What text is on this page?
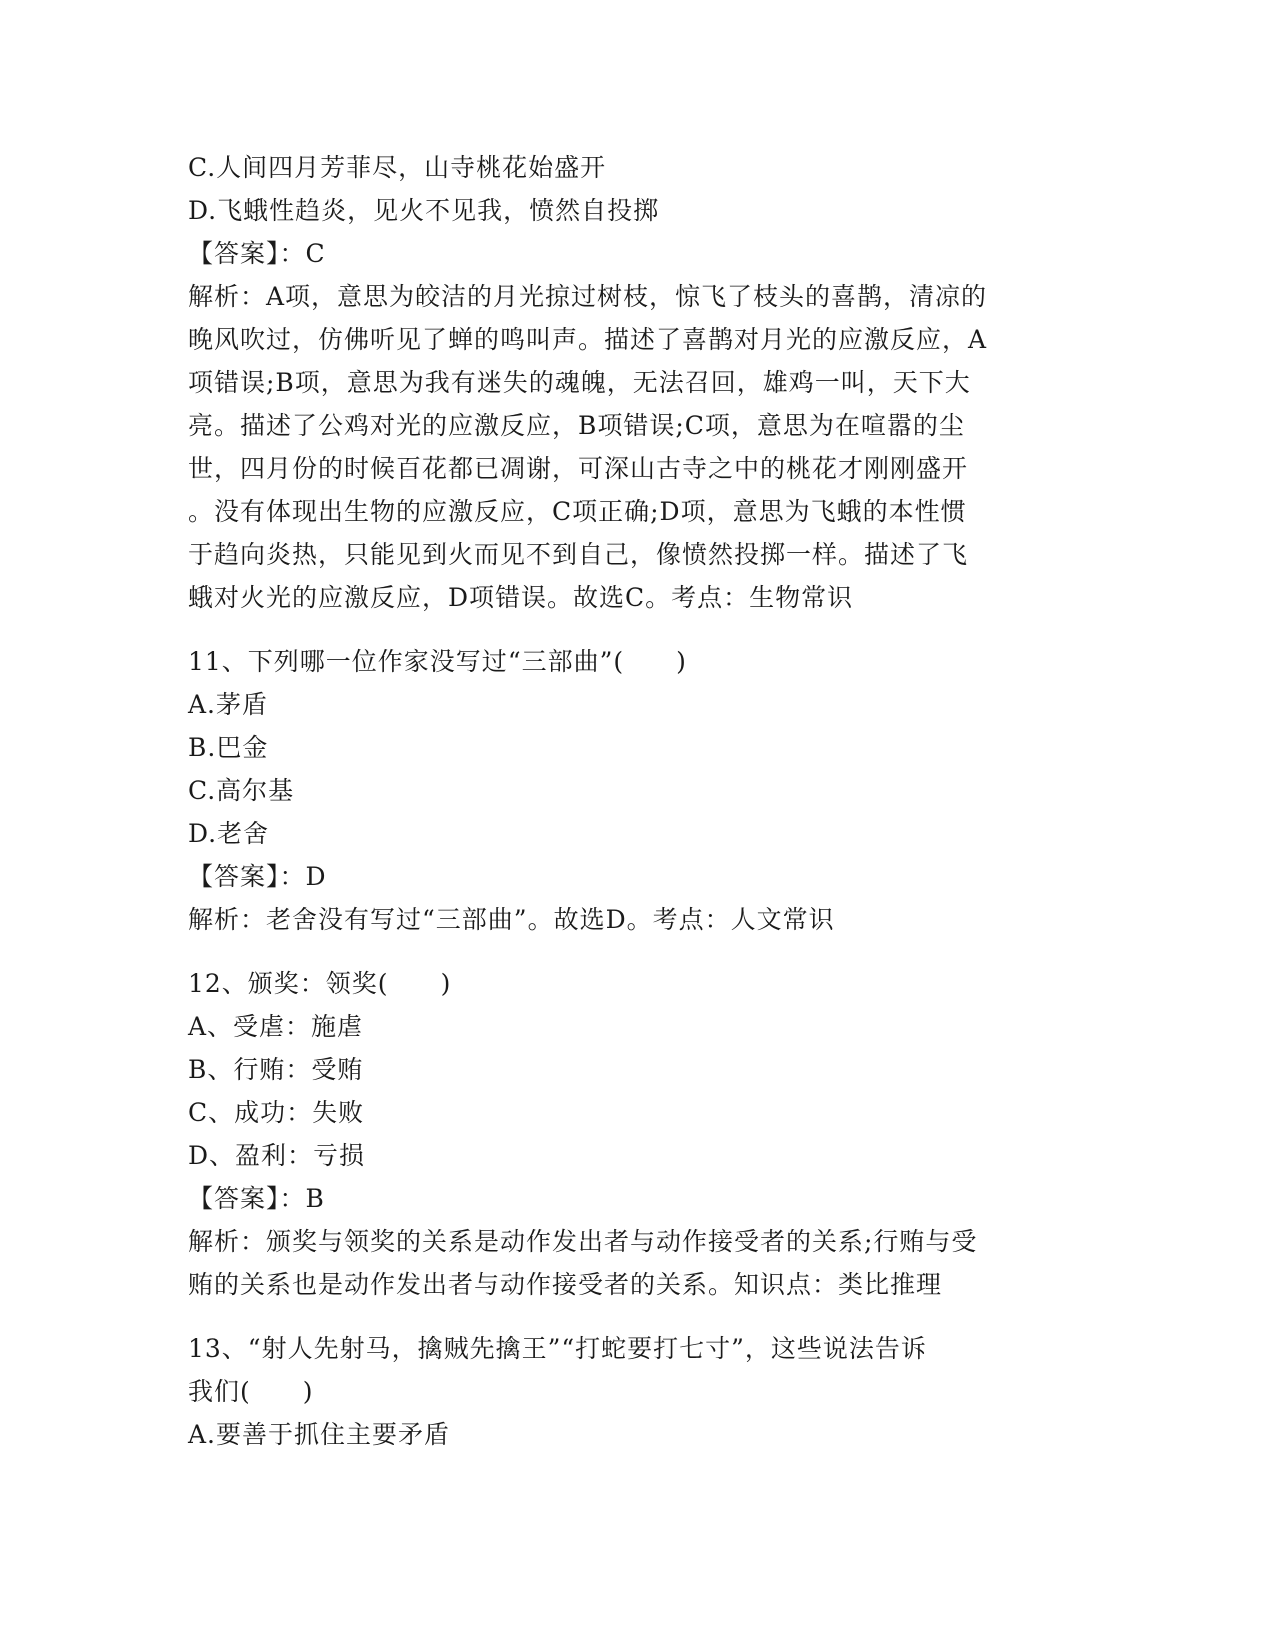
C.人间四月芳菲尽，山寺桃花始盛开
D.飞蛾性趋炎，见火不见我，愤然自投掷
【答案】：C
解析：A项，意思为皎洁的月光掠过树枝，惊飞了枝头的喜鹊，清凉的
晚风吹过，仿佛听见了蝉的鸣叫声。描述了喜鹊对月光的应激反应，A
项错误;B项，意思为我有迷失的魂魄，无法召回，雄鸡一叫，天下大
亮。描述了公鸡对光的应激反应，B项错误;C项，意思为在喧嚣的尘
世，四月份的时候百花都已凋谢，可深山古寺之中的桃花才刚刚盛开
。没有体现出生物的应激反应，C项正确;D项，意思为飞蛾的本性惯
于趋向炎热，只能见到火而见不到自己，像愤然投掷一样。描述了飞
蛾对火光的应激反应，D项错误。故选C。考点：生物常识
11、下列哪一位作家没写过“三部曲”(　　)
A.茅盾
B.巴金
C.高尔基
D.老舍
【答案】：D
解析：老舍没有写过“三部曲”。故选D。考点：人文常识
12、颁奖：领奖(　　)
A、受虐：施虐
B、行贿：受贿
C、成功：失败
D、盈利：亏损
【答案】：B
解析：颁奖与领奖的关系是动作发出者与动作接受者的关系;行贿与受
贿的关系也是动作发出者与动作接受者的关系。知识点：类比推理
13、“射人先射马，擒贼先擒王”“打蛇要打七寸”，这些说法告诉
我们(　　)
A.要善于抓住主要矛盾
